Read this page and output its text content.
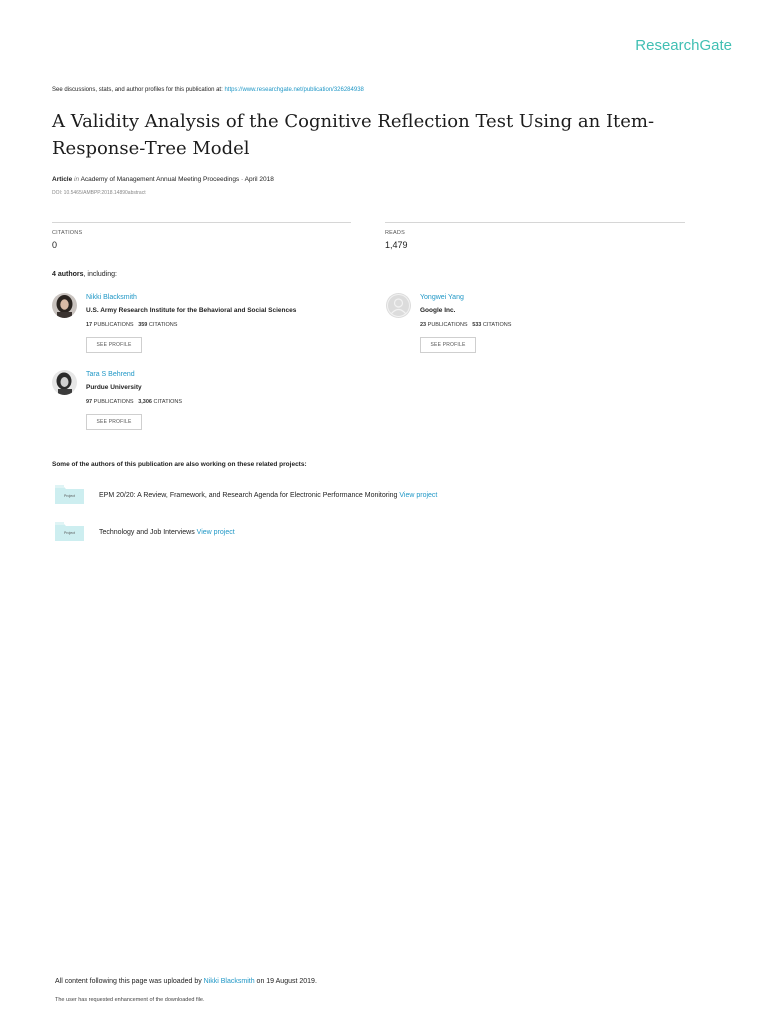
ResearchGate
See discussions, stats, and author profiles for this publication at: https://www.researchgate.net/publication/326284938
A Validity Analysis of the Cognitive Reflection Test Using an Item-Response-Tree Model
Article in Academy of Management Annual Meeting Proceedings · April 2018
DOI: 10.5465/AMBPP.2018.14890abstract
CITATIONS
0
READS
1,479
4 authors, including:
Nikki Blacksmith
U.S. Army Research Institute for the Behavioral and Social Sciences
17 PUBLICATIONS 359 CITATIONS
SEE PROFILE
Yongwei Yang
Google Inc.
23 PUBLICATIONS 533 CITATIONS
SEE PROFILE
Tara S Behrend
Purdue University
97 PUBLICATIONS 3,306 CITATIONS
SEE PROFILE
Some of the authors of this publication are also working on these related projects:
Project	EPM 20/20: A Review, Framework, and Research Agenda for Electronic Performance Monitoring View project
Project	Technology and Job Interviews View project
All content following this page was uploaded by Nikki Blacksmith on 19 August 2019.
The user has requested enhancement of the downloaded file.
